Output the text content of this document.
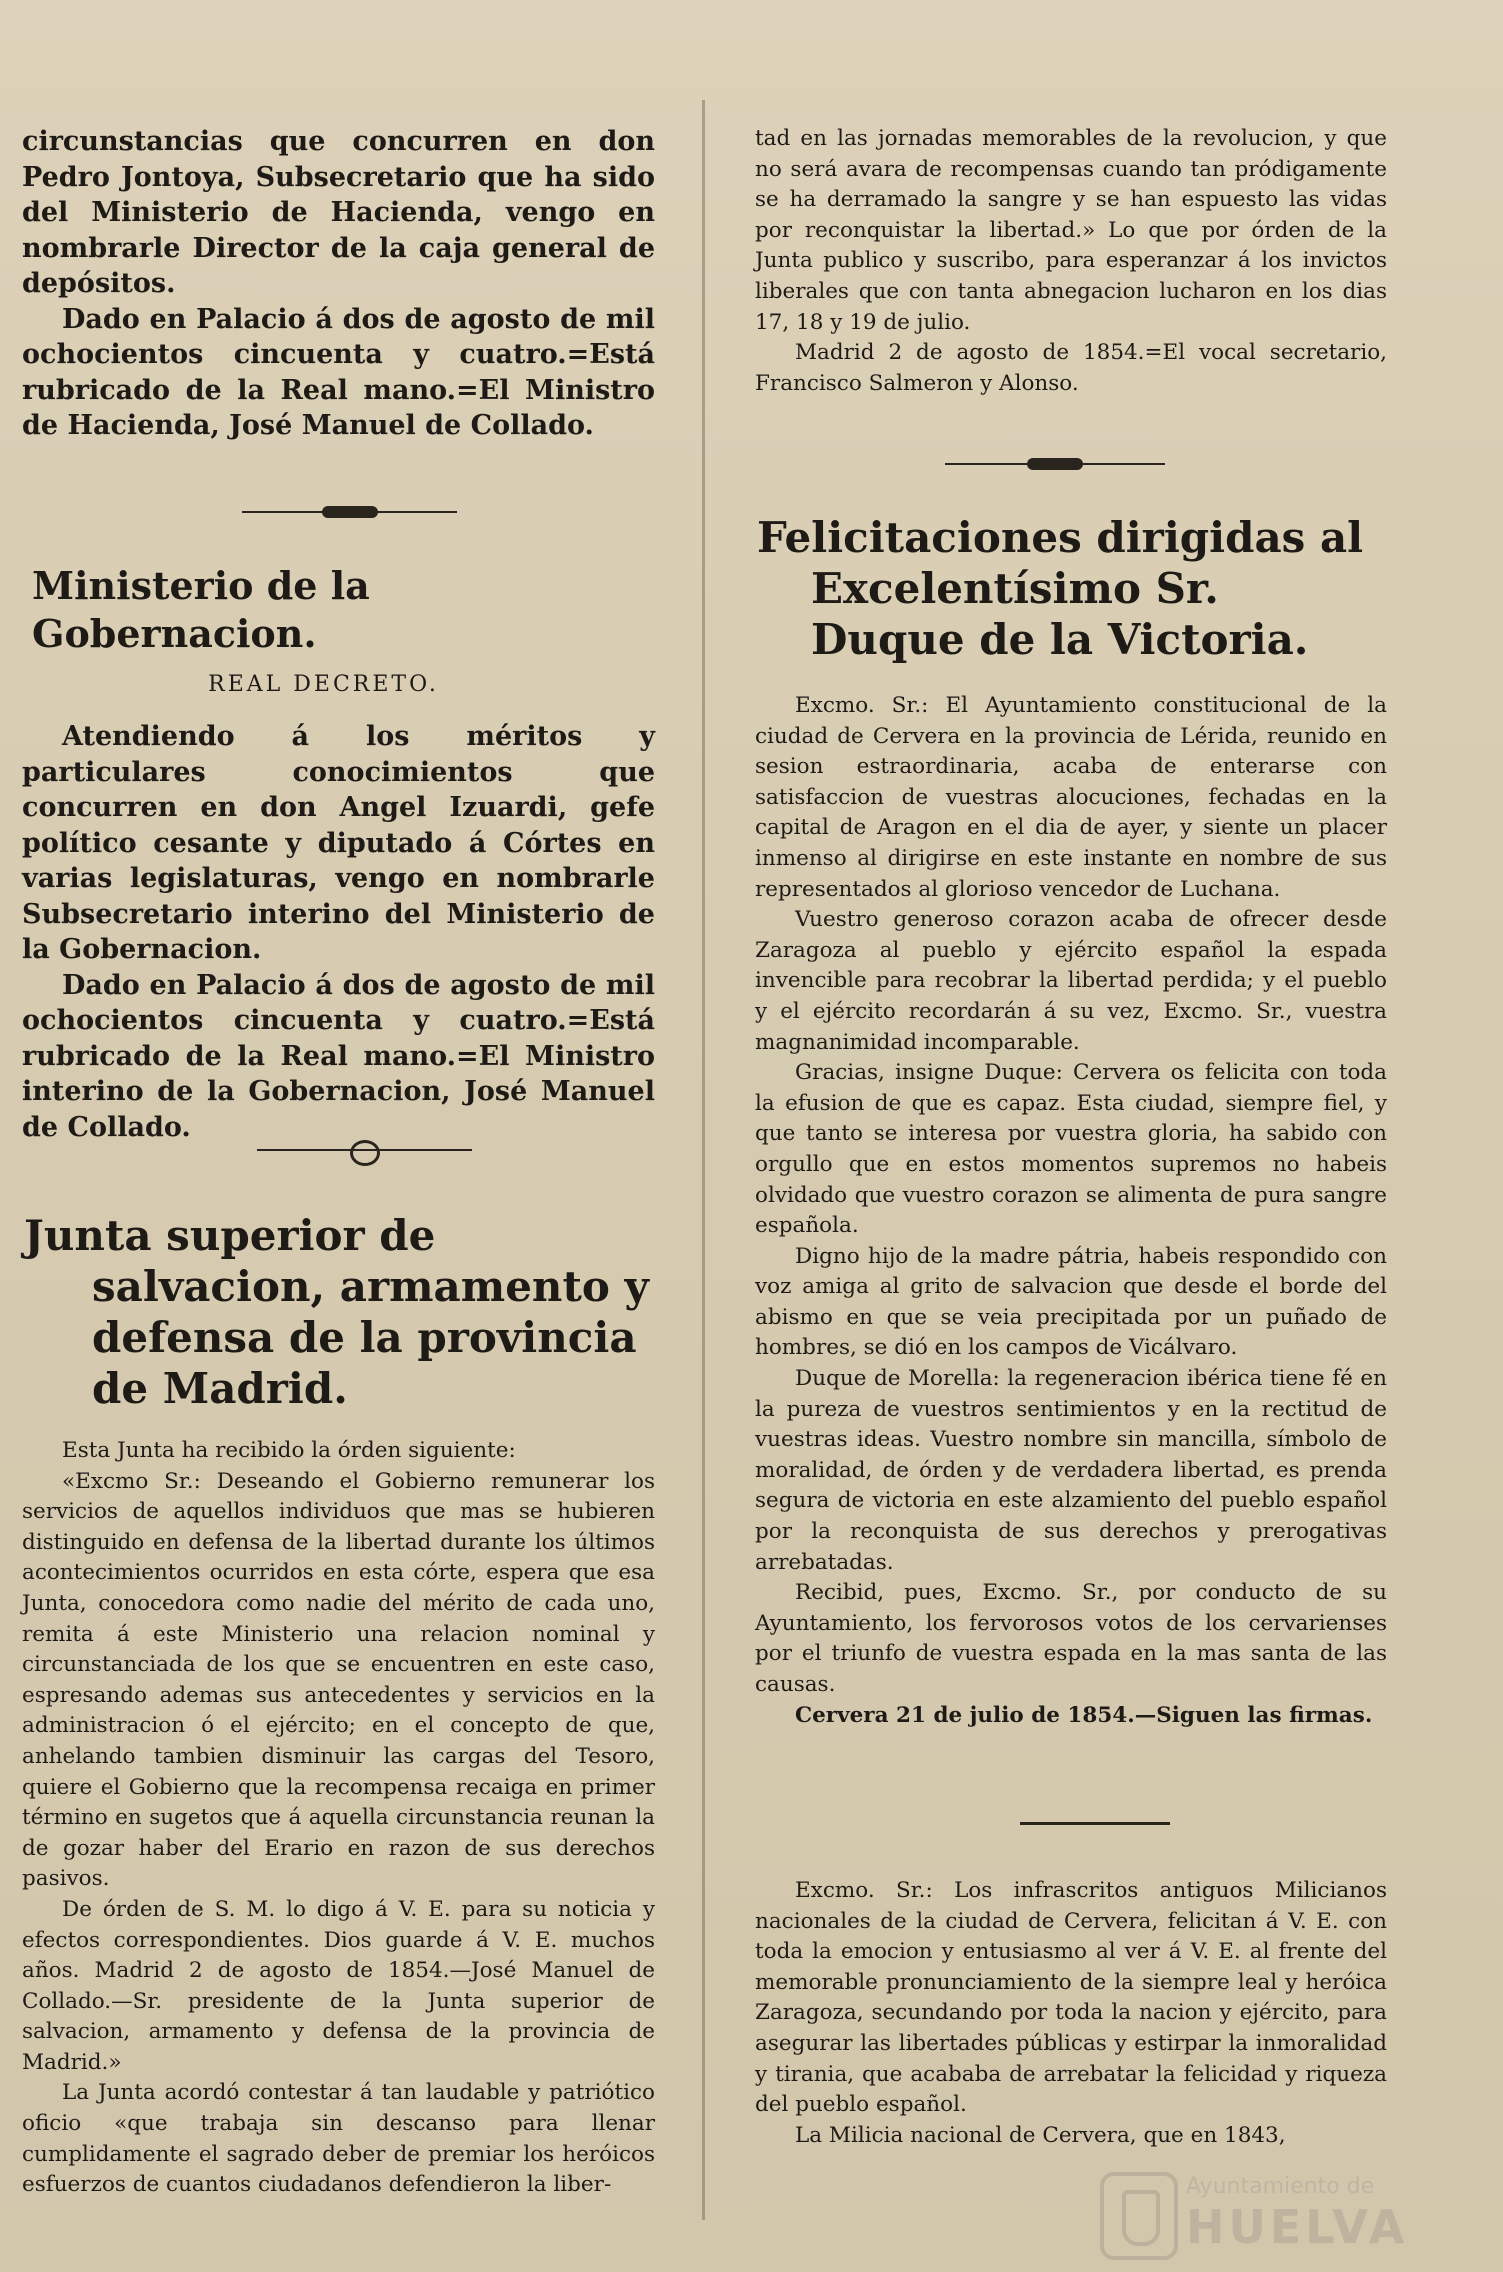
circunstancias que concurren en don Pedro Jontoya, Subsecretario que ha sido del Ministerio de Hacienda, vengo en nombrarle Director de la caja general de depósitos.

Dado en Palacio á dos de agosto de mil ochocientos cincuenta y cuatro.=Está rubricado de la Real mano.=El Ministro de Hacienda, José Manuel de Collado.

Ministerio de la Gobernacion.
REAL DECRETO.

Atendiendo á los méritos y particulares conocimientos que concurren en don Angel Izuardi, gefe político cesante y diputado á Córtes en varias legislaturas, vengo en nombrarle Subsecretario interino del Ministerio de la Gobernacion.

Dado en Palacio á dos de agosto de mil ochocientos cincuenta y cuatro.=Está rubricado de la Real mano.=El Ministro interino de la Gobernacion, José Manuel de Collado.

Junta superior de salvacion, armamento y defensa de la provincia de Madrid.

Esta Junta ha recibido la órden siguiente:

«Excmo Sr.: Deseando el Gobierno remunerar los servicios de aquellos individuos que mas se hubieren distinguido en defensa de la libertad durante los últimos acontecimientos ocurridos en esta córte, espera que esa Junta, conocedora como nadie del mérito de cada uno, remita á este Ministerio una relacion nominal y circunstanciada de los que se encuentren en este caso, espresando ademas sus antecedentes y servicios en la administracion ó el ejército; en el concepto de que, anhelando tambien disminuir las cargas del Tesoro, quiere el Gobierno que la recompensa recaiga en primer término en sugetos que á aquella circunstancia reunan la de gozar haber del Erario en razon de sus derechos pasivos.

De órden de S. M. lo digo á V. E. para su noticia y efectos correspondientes. Dios guarde á V. E. muchos años. Madrid 2 de agosto de 1854.—José Manuel de Collado.—Sr. presidente de la Junta superior de salvacion, armamento y defensa de la provincia de Madrid.»

La Junta acordó contestar á tan laudable y patriótico oficio «que trabaja sin descanso para llenar cumplidamente el sagrado deber de premiar los heróicos esfuerzos de cuantos ciudadanos defendieron la liber-

tad en las jornadas memorables de la revolucion, y que no será avara de recompensas cuando tan pródigamente se ha derramado la sangre y se han espuesto las vidas por reconquistar la libertad.» Lo que por órden de la Junta publico y suscribo, para esperanzar á los invictos liberales que con tanta abnegacion lucharon en los dias 17, 18 y 19 de julio.

Madrid 2 de agosto de 1854.=El vocal secretario, Francisco Salmeron y Alonso.

Felicitaciones dirigidas al Excelentísimo Sr. Duque de la Victoria.

Excmo. Sr.: El Ayuntamiento constitucional de la ciudad de Cervera en la provincia de Lérida, reunido en sesion estraordinaria, acaba de enterarse con satisfaccion de vuestras alocuciones, fechadas en la capital de Aragon en el dia de ayer, y siente un placer inmenso al dirigirse en este instante en nombre de sus representados al glorioso vencedor de Luchana.

Vuestro generoso corazon acaba de ofrecer desde Zaragoza al pueblo y ejército español la espada invencible para recobrar la libertad perdida; y el pueblo y el ejército recordarán á su vez, Excmo. Sr., vuestra magnanimidad incomparable.

Gracias, insigne Duque: Cervera os felicita con toda la efusion de que es capaz. Esta ciudad, siempre fiel, y que tanto se interesa por vuestra gloria, ha sabido con orgullo que en estos momentos supremos no habeis olvidado que vuestro corazon se alimenta de pura sangre española.

Digno hijo de la madre pátria, habeis respondido con voz amiga al grito de salvacion que desde el borde del abismo en que se veia precipitada por un puñado de hombres, se dió en los campos de Vicálvaro.

Duque de Morella: la regeneracion ibérica tiene fé en la pureza de vuestros sentimientos y en la rectitud de vuestras ideas. Vuestro nombre sin mancilla, símbolo de moralidad, de órden y de verdadera libertad, es prenda segura de victoria en este alzamiento del pueblo español por la reconquista de sus derechos y prerogativas arrebatadas.

Recibid, pues, Excmo. Sr., por conducto de su Ayuntamiento, los fervorosos votos de los cervarienses por el triunfo de vuestra espada en la mas santa de las causas.

Cervera 21 de julio de 1854.—Siguen las firmas.

Excmo. Sr.: Los infrascritos antiguos Milicianos nacionales de la ciudad de Cervera, felicitan á V. E. con toda la emocion y entusiasmo al ver á V. E. al frente del memorable pronunciamiento de la siempre leal y heróica Zaragoza, secundando por toda la nacion y ejército, para asegurar las libertades públicas y estirpar la inmoralidad y tirania, que acababa de arrebatar la felicidad y riqueza del pueblo español.

La Milicia nacional de Cervera, que en 1843,

Ayuntamiento de
HUELVA
